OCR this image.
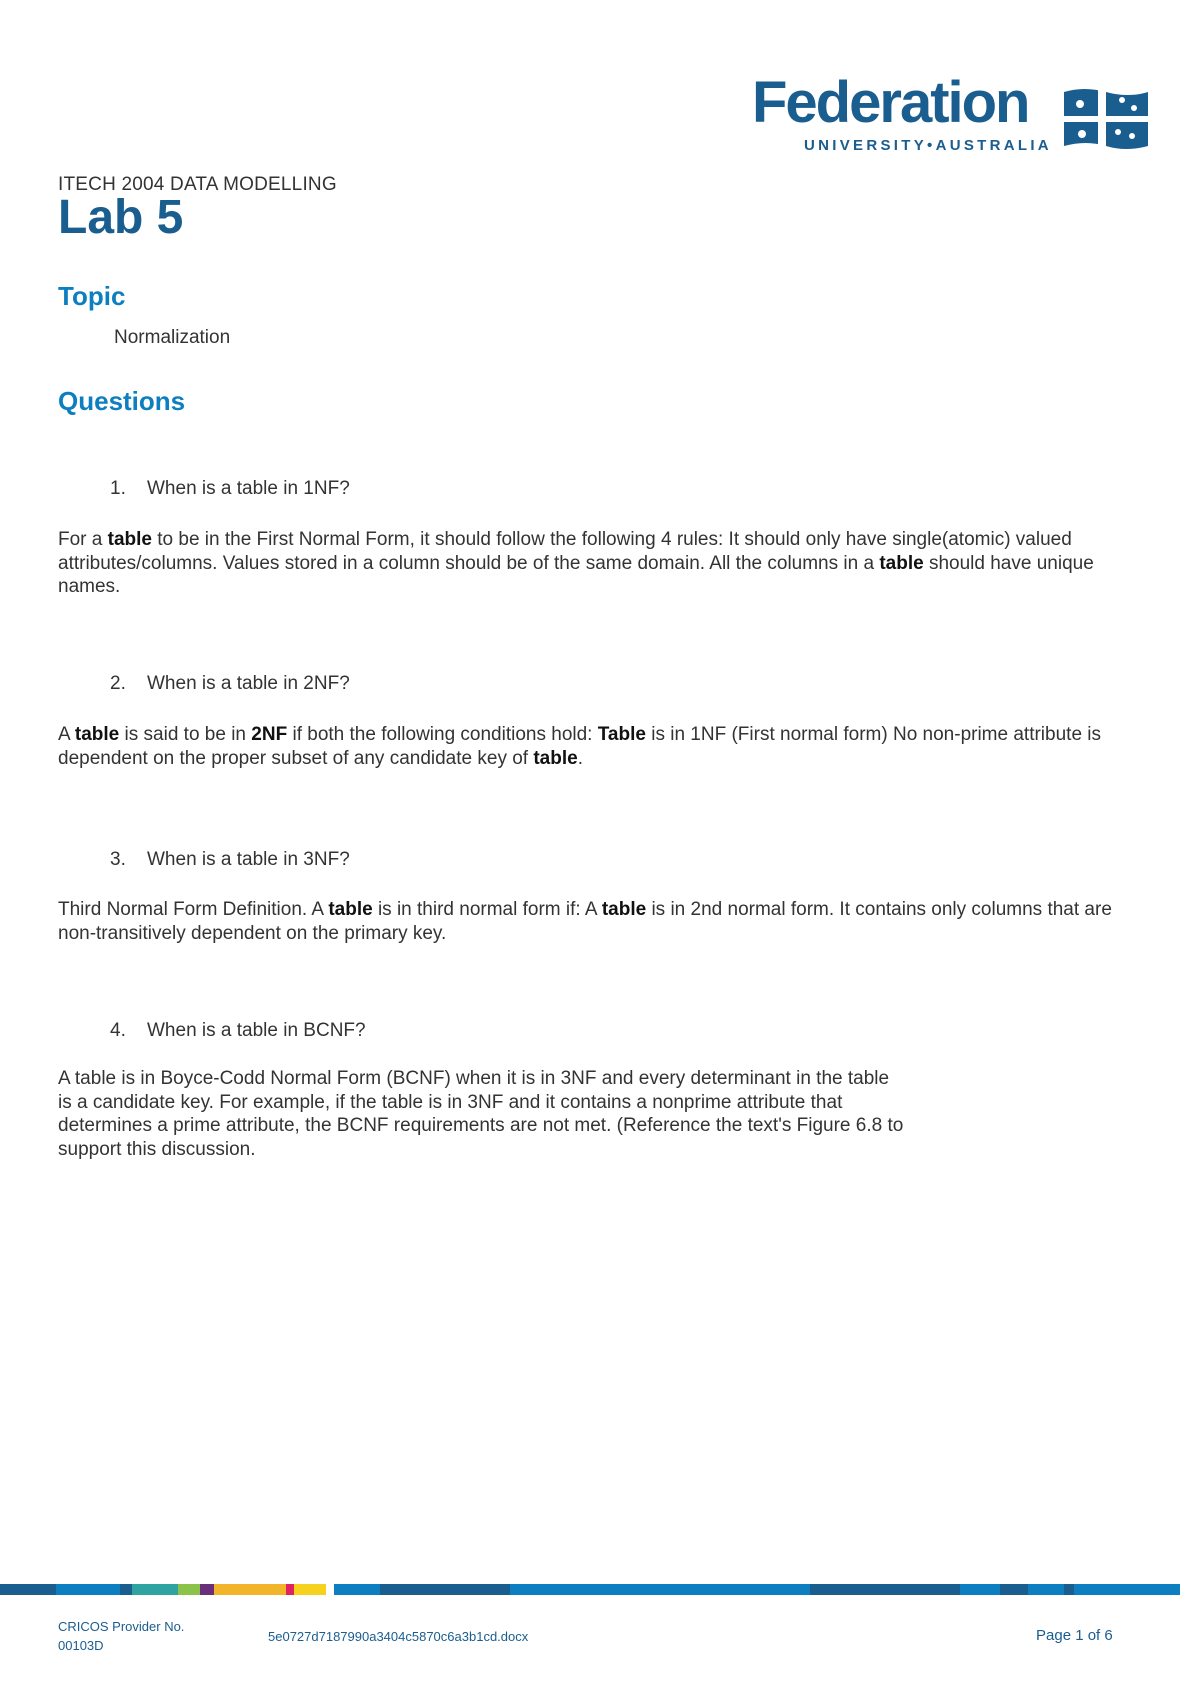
Federation
UNIVERSITY•AUSTRALIA
ITECH 2004 DATA MODELLING
Lab 5
Topic
Normalization
Questions
1. When is a table in 1NF?
For a table to be in the First Normal Form, it should follow the following 4 rules: It should only have single(atomic) valued attributes/columns. Values stored in a column should be of the same domain. All the columns in a table should have unique names.
2. When is a table in 2NF?
A table is said to be in 2NF if both the following conditions hold: Table is in 1NF (First normal form) No non-prime attribute is dependent on the proper subset of any candidate key of table.
3. When is a table in 3NF?
Third Normal Form Definition. A table is in third normal form if: A table is in 2nd normal form. It contains only columns that are non-transitively dependent on the primary key.
4. When is a table in BCNF?
A table is in Boyce-Codd Normal Form (BCNF) when it is in 3NF and every determinant in the table
is a candidate key. For example, if the table is in 3NF and it contains a nonprime attribute that
determines a prime attribute, the BCNF requirements are not met. (Reference the text's Figure 6.8 to
support this discussion.
CRICOS Provider No.
00103D
5e0727d7187990a3404c5870c6a3b1cd.docx	Page 1 of 6
